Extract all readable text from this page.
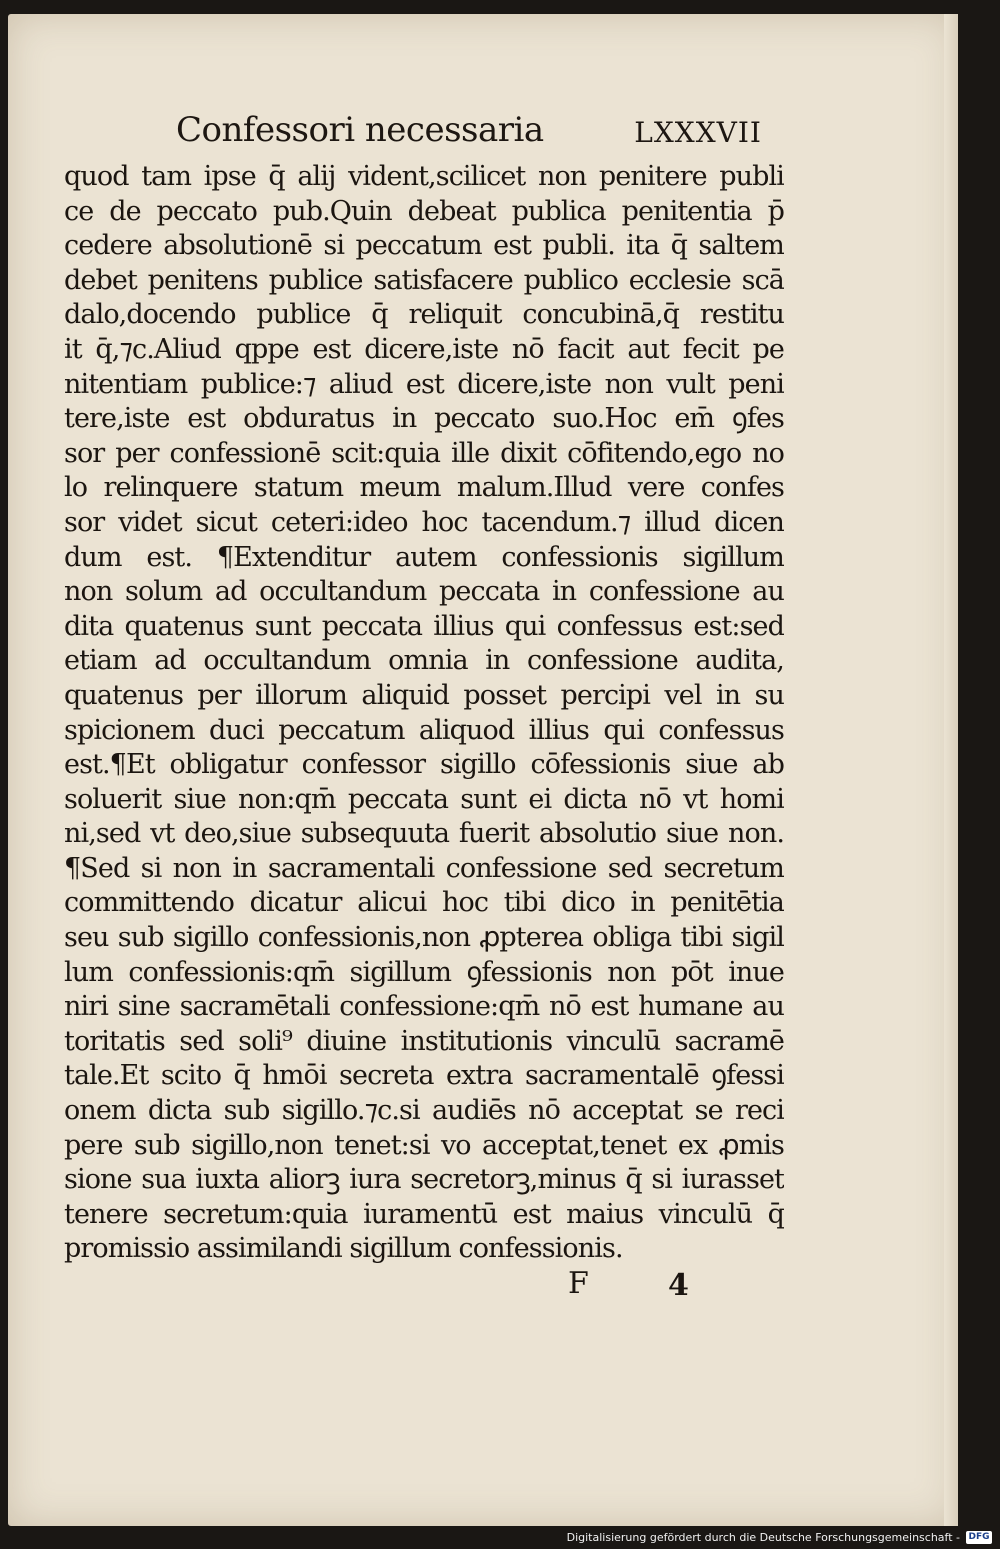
Confessori necessaria	LXXXVII
quod tam ipse q̄ alij vident,scilicet non penitere publi
ce de peccato pub.Quin debeat publica penitentia p̄
cedere absolutionē si peccatum est publi. ita q̄ saltem
debet penitens publice satisfacere publico ecclesie scā
dalo,docendo publice q̄ reliquit concubinā,q̄ restitu
it q̄,⁊c.Aliud qppe est dicere,iste nō facit aut fecit pe
nitentiam publice:⁊ aliud est dicere,iste non vult peni
tere,iste est obduratus in peccato suo.Hoc em̄ ꝯfes
sor per confessionē scit:quia ille dixit cōfitendo,ego no
lo relinquere statum meum malum.Illud vere confes
sor videt sicut ceteri:ideo hoc tacendum.⁊ illud dicen
dum est. ¶Extenditur autem confessionis sigillum
non solum ad occultandum peccata in confessione au
dita quatenus sunt peccata illius qui confessus est:sed
etiam ad occultandum omnia in confessione audita,
quatenus per illorum aliquid posset percipi vel in su
spicionem duci peccatum aliquod illius qui confessus
est.¶Et obligatur confessor sigillo cōfessionis siue ab
soluerit siue non:qm̄ peccata sunt ei dicta nō vt homi
ni,sed vt deo,siue subsequuta fuerit absolutio siue non.
¶Sed si non in sacramentali confessione sed secretum
committendo dicatur alicui hoc tibi dico in penitētia
seu sub sigillo confessionis,non ꝓpterea obliga tibi sigil
lum confessionis:qm̄ sigillum ꝯfessionis non pōt inue
niri sine sacramētali confessione:qm̄ nō est humane au
toritatis sed soli⁹ diuine institutionis vinculū sacramē
tale.Et scito q̄ hmōi secreta extra sacramentalē ꝯfessi
onem dicta sub sigillo.⁊c.si audiēs nō acceptat se reci
pere sub sigillo,non tenet:si vo acceptat,tenet ex ꝓmis
sione sua iuxta aliorꝫ iura secretorꝫ,minus q̄ si iurasset
tenere secretum:quia iuramentū est maius vinculū q̄
promissio assimilandi sigillum confessionis.
F	4
Digitalisierung gefördert durch die Deutsche Forschungsgemeinschaft - DFG
